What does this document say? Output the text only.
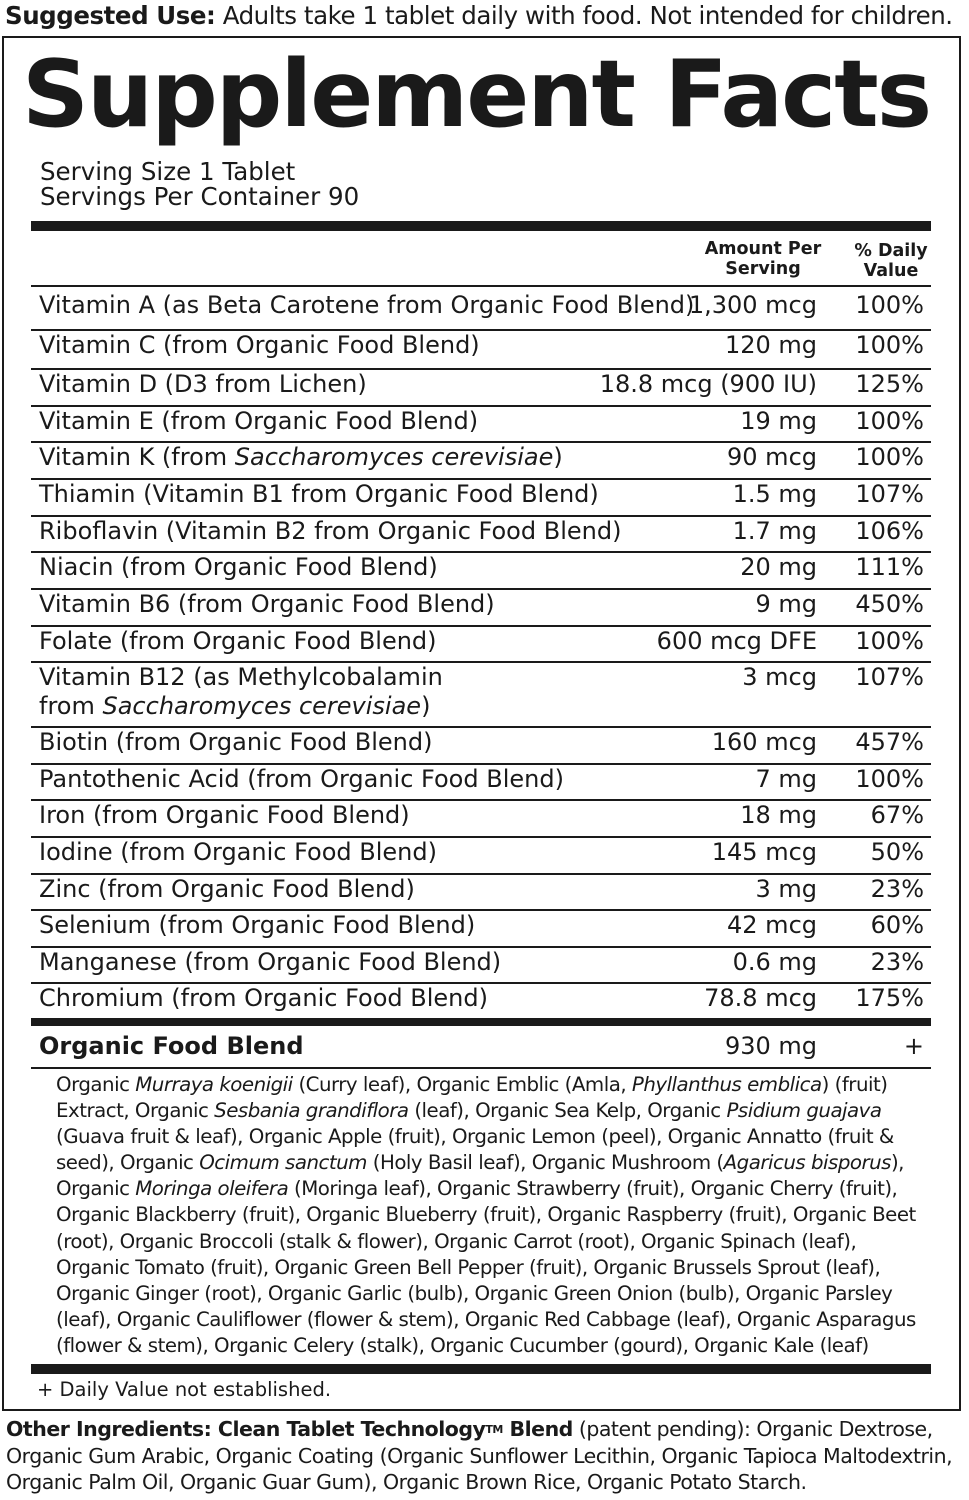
Suggested Use: Adults take 1 tablet daily with food. Not intended for children.
Supplement Facts
Serving Size 1 Tablet
Servings Per Container 90
Amount Per
Serving
% Daily
Value
Vitamin A (as Beta Carotene from Organic Food Blend)
1,300 mcg 100%
Vitamin C (from Organic Food Blend)	120 mg 100%
Vitamin D (D3 from Lichen)	18.8 mcg (900 IU) 125%
Vitamin E (from Organic Food Blend)	19 mg 100%
Vitamin K (from Saccharomyces cerevisiae)	90 mcg 100%
Thiamin (Vitamin B1 from Organic Food Blend)	1.5 mg 107%
Riboflavin (Vitamin B2 from Organic Food Blend)	1.7 mg 106%
Niacin (from Organic Food Blend)	20 mg 111%
Vitamin B6 (from Organic Food Blend)	9 mg 450%
Folate (from Organic Food Blend)	600 mcg DFE 100%
Vitamin B12 (as Methylcobalamin
from Saccharomyces cerevisiae)
3 mcg 107%
Biotin (from Organic Food Blend)	160 mcg 457%
Pantothenic Acid (from Organic Food Blend)	7 mg 100%
Iron (from Organic Food Blend)	18 mg 67%
Iodine (from Organic Food Blend)	145 mcg 50%
Zinc (from Organic Food Blend)	3 mg 23%
Selenium (from Organic Food Blend)	42 mcg 60%
Manganese (from Organic Food Blend)	0.6 mg 23%
Chromium (from Organic Food Blend)	78.8 mcg 175%
Organic Food Blend	930 mg	+
Organic Murraya koenigii (Curry leaf), Organic Emblic (Amla, Phyllanthus emblica) (fruit) Extract, Organic Sesbania grandiflora (leaf), Organic Sea Kelp, Organic Psidium guajava (Guava fruit & leaf), Organic Apple (fruit), Organic Lemon (peel), Organic Annatto (fruit & seed), Organic Ocimum sanctum (Holy Basil leaf), Organic Mushroom (Agaricus bisporus), Organic Moringa oleifera (Moringa leaf), Organic Strawberry (fruit), Organic Cherry (fruit), Organic Blackberry (fruit), Organic Blueberry (fruit), Organic Raspberry (fruit), Organic Beet (root), Organic Broccoli (stalk & flower), Organic Carrot (root), Organic Spinach (leaf), Organic Tomato (fruit), Organic Green Bell Pepper (fruit), Organic Brussels Sprout (leaf), Organic Ginger (root), Organic Garlic (bulb), Organic Green Onion (bulb), Organic Parsley (leaf), Organic Cauliflower (flower & stem), Organic Red Cabbage (leaf), Organic Asparagus (flower & stem), Organic Celery (stalk), Organic Cucumber (gourd), Organic Kale (leaf)
+ Daily Value not established.
Other Ingredients: Clean Tablet Technology™ Blend (patent pending): Organic Dextrose, Organic Gum Arabic, Organic Coating (Organic Sunflower Lecithin, Organic Tapioca Maltodextrin, Organic Palm Oil, Organic Guar Gum), Organic Brown Rice, Organic Potato Starch.
